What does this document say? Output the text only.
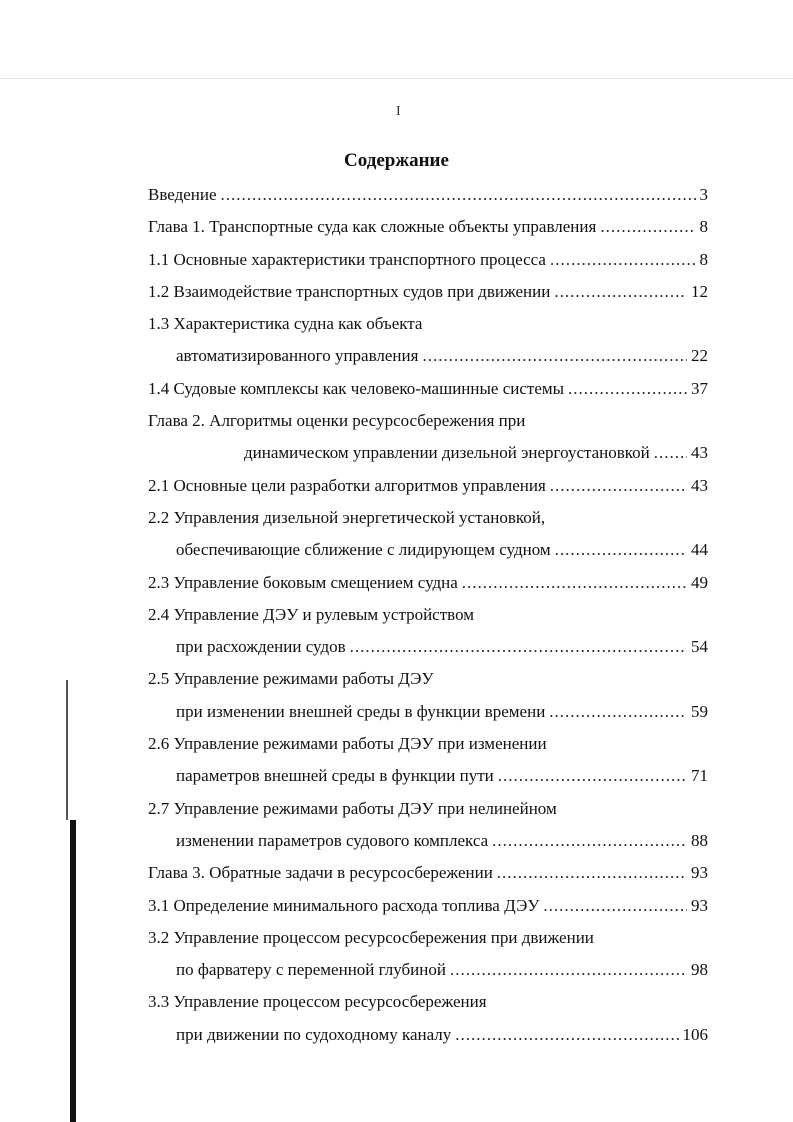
I
Содержание
Введение .....	3
Глава 1. Транспортные суда как сложные объекты управления .....	8
1.1 Основные характеристики транспортного процесса .....	8
1.2 Взаимодействие транспортных судов при движении .....	12
1.3 Характеристика судна как объекта
автоматизированного управления .....	22
1.4 Судовые комплексы как человеко-машинные системы .....	37
Глава 2. Алгоритмы оценки ресурсосбережения при
динамическом управлении дизельной энергоустановкой ..... 43
2.1 Основные цели разработки алгоритмов управления .....	43
2.2 Управления дизельной энергетической установкой,
обеспечивающие сближение с лидирующем судном .....	44
2.3 Управление боковым смещением судна .....	49
2.4 Управление ДЭУ и рулевым устройством
при расхождении судов .....	54
2.5 Управление режимами работы ДЭУ
при изменении внешней среды в функции времени .....	59
2.6 Управление режимами работы ДЭУ при изменении
параметров внешней среды в функции пути .....	71
2.7 Управление режимами работы ДЭУ при нелинейном
изменении параметров судового комплекса .....	88
Глава 3. Обратные задачи в ресурсосбережении .....	93
3.1 Определение минимального расхода топлива ДЭУ .....	93
3.2 Управление процессом ресурсосбережения при движении
по фарватеру с переменной глубиной .....	98
3.3 Управление процессом ресурсосбережения
при движении по судоходному каналу .....	106
